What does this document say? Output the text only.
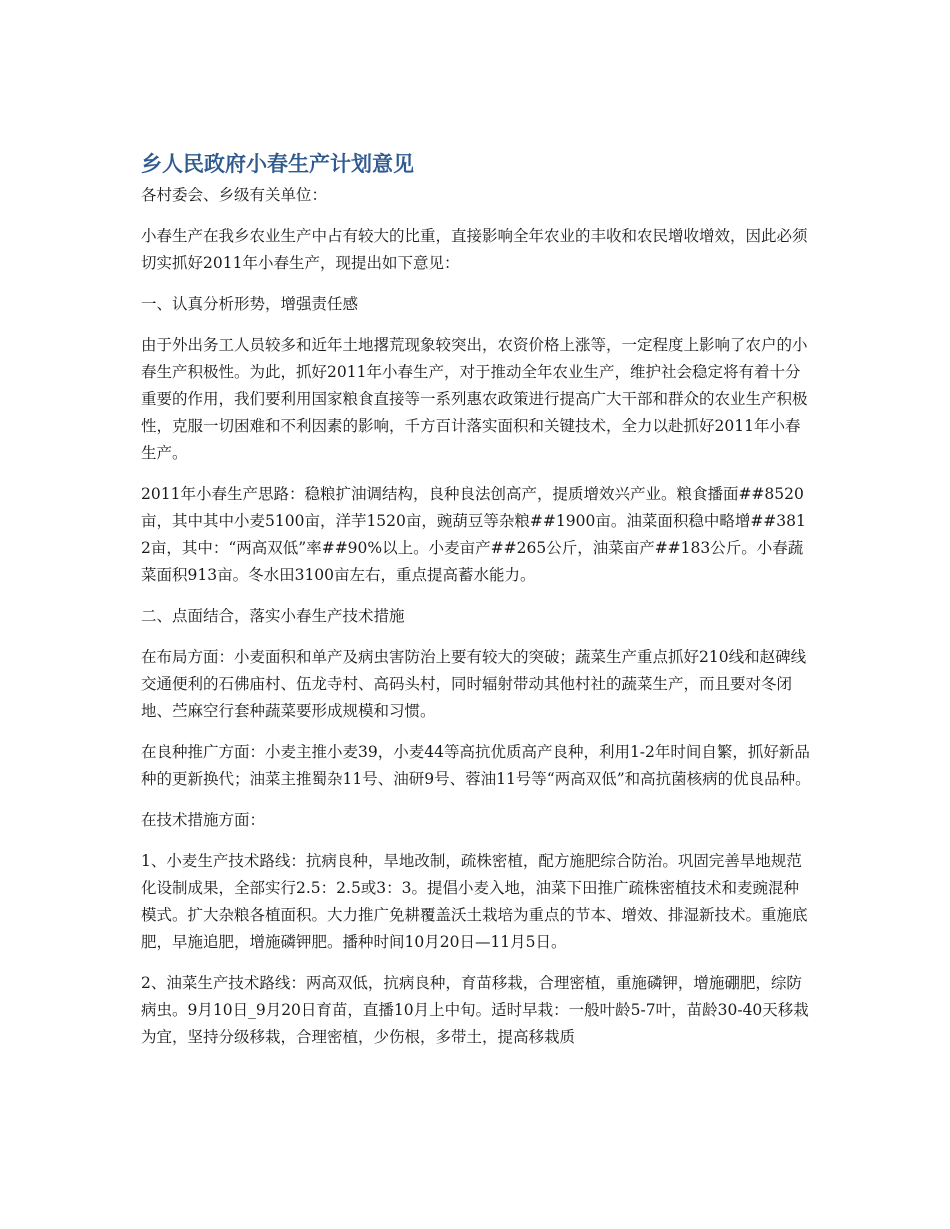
乡人民政府小春生产计划意见

各村委会、乡级有关单位：

小春生产在我乡农业生产中占有较大的比重，直接影响全年农业的丰收和农民增收增效，因此必须切实抓好2011年小春生产，现提出如下意见：

一、认真分析形势，增强责任感

由于外出务工人员较多和近年土地撂荒现象较突出，农资价格上涨等，一定程度上影响了农户的小春生产积极性。为此，抓好2011年小春生产，对于推动全年农业生产，维护社会稳定将有着十分重要的作用，我们要利用国家粮食直接等一系列惠农政策进行提高广大干部和群众的农业生产积极性，克服一切困难和不利因素的影响，千方百计落实面积和关键技术，全力以赴抓好2011年小春生产。

2011年小春生产思路：稳粮扩油调结构，良种良法创高产，提质增效兴产业。粮食播面##8520亩，其中其中小麦5100亩，洋芋1520亩，豌葫豆等杂粮##1900亩。油菜面积稳中略增##3812亩，其中：“两高双低”率##90%以上。小麦亩产##265公斤，油菜亩产##183公斤。小春蔬菜面积913亩。冬水田3100亩左右，重点提高蓄水能力。

二、点面结合，落实小春生产技术措施

在布局方面：小麦面积和单产及病虫害防治上要有较大的突破；蔬菜生产重点抓好210线和赵碑线交通便利的石佛庙村、伍龙寺村、高码头村，同时辐射带动其他村社的蔬菜生产，而且要对冬闭地、苎麻空行套种蔬菜要形成规模和习惯。

在良种推广方面：小麦主推小麦39，小麦44等高抗优质高产良种，利用1-2年时间自繁，抓好新品种的更新换代；油菜主推蜀杂11号、油研9号、蓉油11号等“两高双低”和高抗菌核病的优良品种。

在技术措施方面：

1、小麦生产技术路线：抗病良种，旱地改制，疏株密植，配方施肥综合防治。巩固完善旱地规范化设制成果，全部实行2.5：2.5或3：3。提倡小麦入地，油菜下田推广疏株密植技术和麦豌混种模式。扩大杂粮各植面积。大力推广免耕覆盖沃土栽培为重点的节本、增效、排湿新技术。重施底肥，早施追肥，增施磷钾肥。播种时间10月20日—11月5日。

2、油菜生产技术路线：两高双低，抗病良种，育苗移栽，合理密植，重施磷钾，增施硼肥，综防病虫。9月10日_9月20日育苗，直播10月上中旬。适时早栽：一般叶龄5-7叶，苗龄30-40天移栽为宜，坚持分级移栽，合理密植，少伤根，多带土，提高移栽质
